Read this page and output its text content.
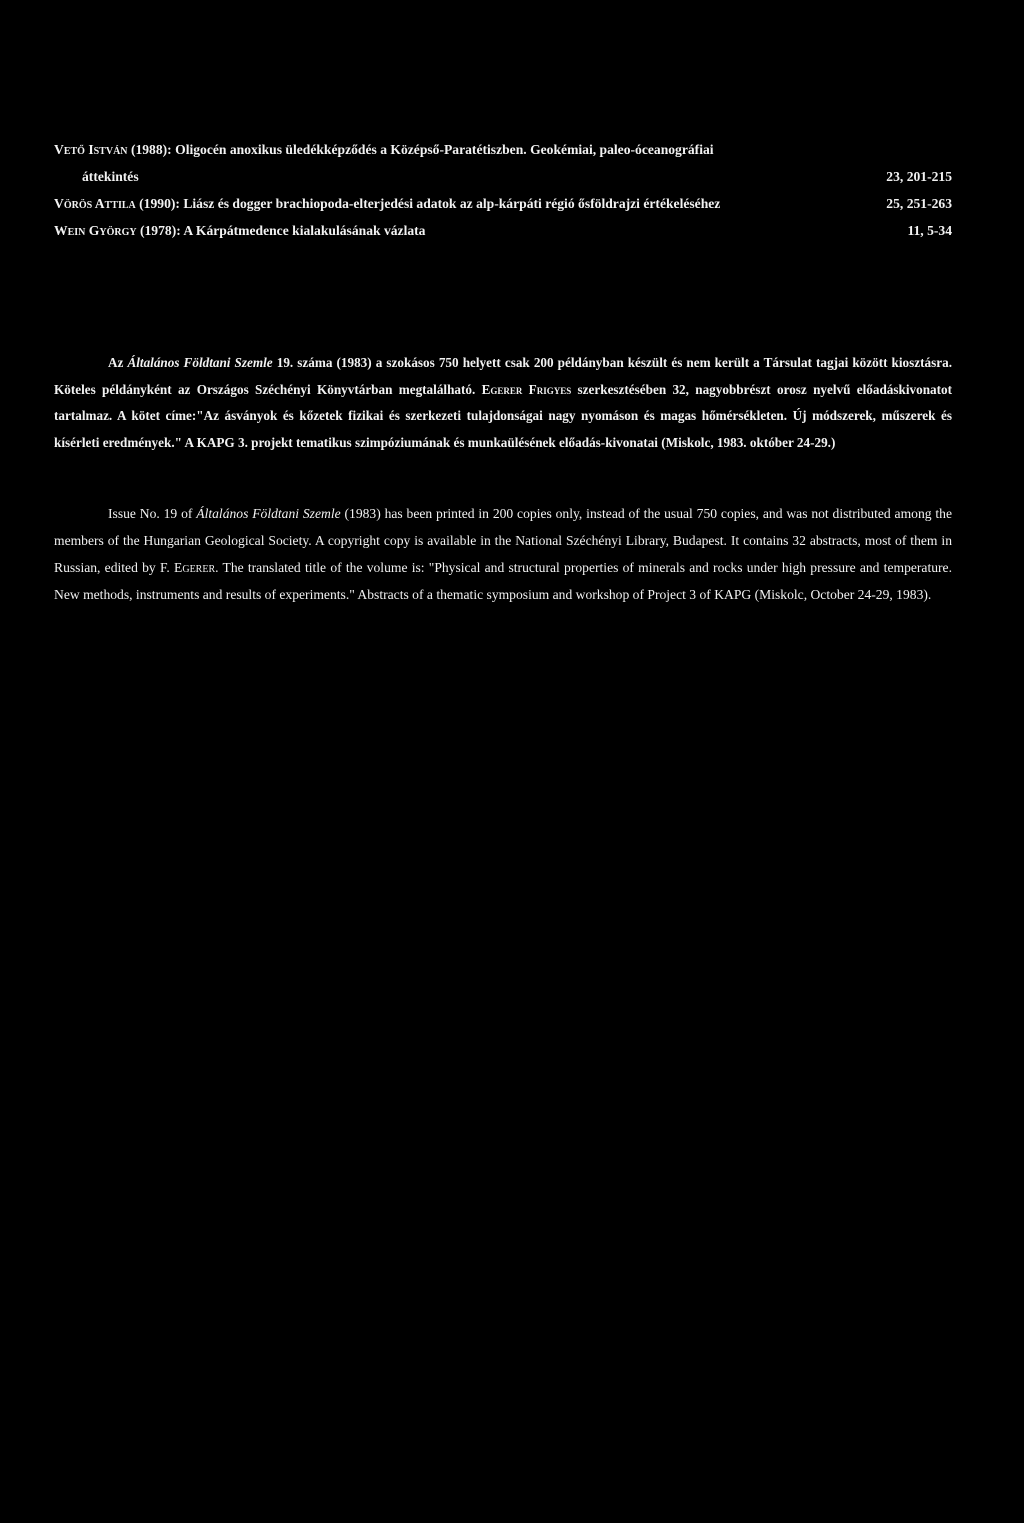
Vető István (1988): Oligocén anoxikus üledékképződés a Középső-Paratétiszben. Geokémiai, paleo-óceanográfiai
áttekintés	23, 201-215
Vörös Attila (1990): Liász és dogger brachiopoda-elterjedési adatok az alp-kárpáti régió ősföldrajzi értékeléséhez	25, 251-263
Wein György (1978): A Kárpátmedence kialakulásának vázlata	11, 5-34

Az Általános Földtani Szemle 19. száma (1983) a szokásos 750 helyett csak 200 példányban készült és nem került a Társulat tagjai között kiosztásra. Köteles példányként az Országos Széchényi Könyvtárban megtalálható. Egerer Frigyes szerkesztésében 32, nagyobbrészt orosz nyelvű előadáskivonatot tartalmaz. A kötet címe:"Az ásványok és kőzetek fizikai és szerkezeti tulajdonságai nagy nyomáson és magas hőmérsékleten. Új módszerek, műszerek és kísérleti eredmények." A KAPG 3. projekt tematikus szimpóziumának és munkaülésének előadás-kivonatai (Miskolc, 1983. október 24-29.)

Issue No. 19 of Általános Földtani Szemle (1983) has been printed in 200 copies only, instead of the usual 750 copies, and was not distributed among the members of the Hungarian Geological Society. A copyright copy is available in the National Széchényi Library, Budapest. It contains 32 abstracts, most of them in Russian, edited by F. Egerer. The translated title of the volume is: "Physical and structural properties of minerals and rocks under high pressure and temperature. New methods, instruments and results of experiments." Abstracts of a thematic symposium and workshop of Project 3 of KAPG (Miskolc, October 24-29, 1983).
